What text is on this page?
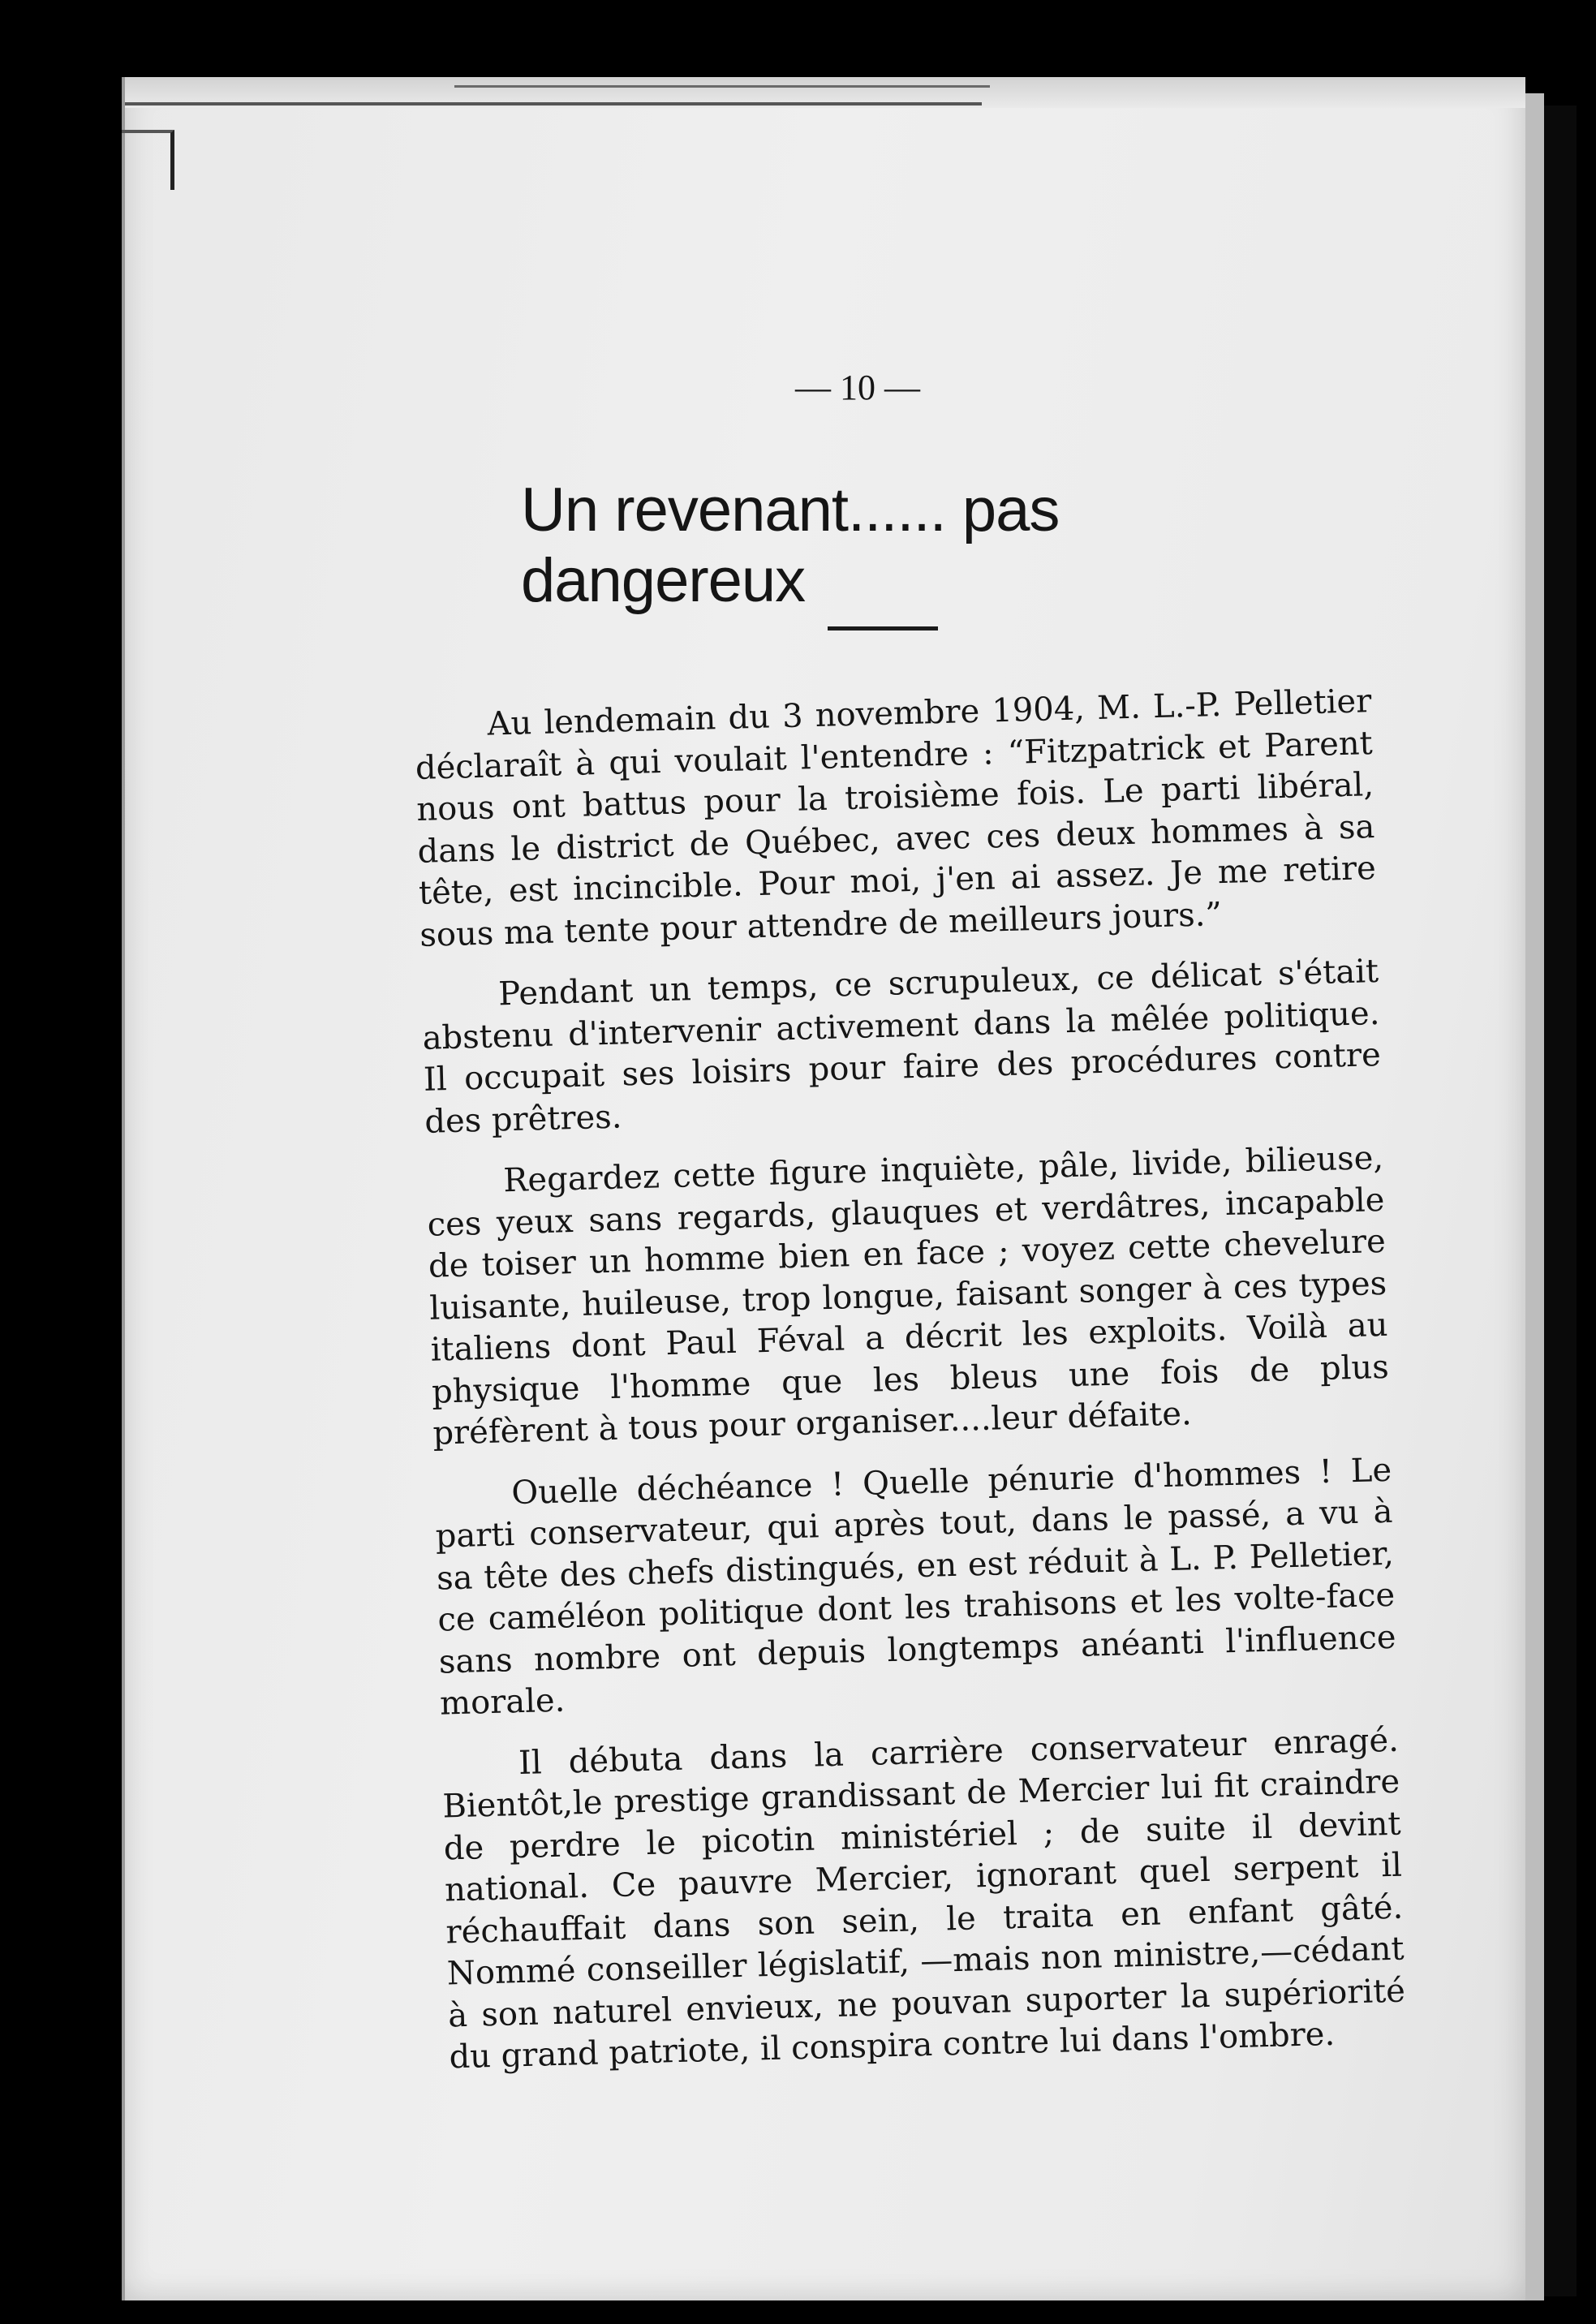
— 10 —
Un revenant...... pas dangereux

Au lendemain du 3 novembre 1904, M. L.-P. Pelletier déclaraît à qui voulait l'entendre : “Fitzpatrick et Parent nous ont battus pour la troisième fois. Le parti libéral, dans le district de Québec, avec ces deux hommes à sa tête, est incincible. Pour moi, j'en ai assez. Je me retire sous ma tente pour attendre de meilleurs jours.”

Pendant un temps, ce scrupuleux, ce délicat s'était abstenu d'intervenir activement dans la mêlée politique. Il occupait ses loisirs pour faire des procédures contre des prêtres.

Regardez cette figure inquiète, pâle, livide, bilieuse, ces yeux sans regards, glauques et verdâtres, incapable de toiser un homme bien en face ; voyez cette chevelure luisante, huileuse, trop longue, faisant songer à ces types italiens dont Paul Féval a décrit les exploits. Voilà au physique l'homme que les bleus une fois de plus préfèrent à tous pour organiser....leur défaite.

Ouelle déchéance ! Quelle pénurie d'hommes ! Le parti conservateur, qui après tout, dans le passé, a vu à sa tête des chefs distingués, en est réduit à L. P. Pelletier, ce caméléon politique dont les trahisons et les volte-face sans nombre ont depuis longtemps anéanti l'influence morale.

Il débuta dans la carrière conservateur enragé. Bientôt,le prestige grandissant de Mercier lui fit craindre de perdre le picotin ministériel ; de suite il devint national. Ce pauvre Mercier, ignorant quel serpent il réchauffait dans son sein, le traita en enfant gâté. Nommé conseiller législatif, —mais non ministre,—cédant à son naturel envieux, ne pouvan suporter la supériorité du grand patriote, il conspira contre lui dans l'ombre.
